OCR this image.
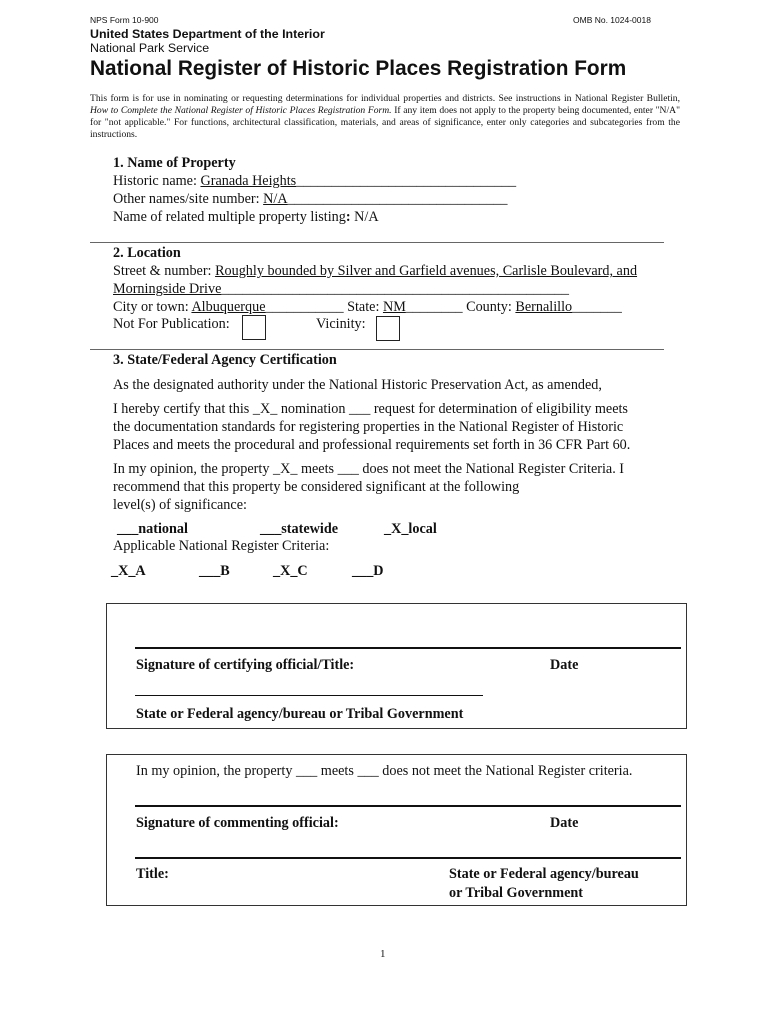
NPS Form 10-900	OMB No. 1024-0018
United States Department of the Interior
National Park Service
National Register of Historic Places Registration Form
This form is for use in nominating or requesting determinations for individual properties and districts. See instructions in National Register Bulletin, How to Complete the National Register of Historic Places Registration Form. If any item does not apply to the property being documented, enter "N/A" for "not applicable." For functions, architectural classification, materials, and areas of significance, enter only categories and subcategories from the instructions.
1. Name of Property
Historic name: Granada Heights_______________________________
Other names/site number: N/A_______________________________
Name of related multiple property listing: N/A
2. Location
Street & number: Roughly bounded by Silver and Garfield avenues, Carlisle Boulevard, and
Morningside Drive_________________________________________________
City or town: Albuquerque___________ State: NM________ County: Bernalillo_______
Not For Publication:	Vicinity:
3. State/Federal Agency Certification
As the designated authority under the National Historic Preservation Act, as amended,
I hereby certify that this _X_ nomination ___ request for determination of eligibility meets
the documentation standards for registering properties in the National Register of Historic
Places and meets the procedural and professional requirements set forth in 36 CFR Part 60.
In my opinion, the property _X_ meets ___ does not meet the National Register Criteria. I
recommend that this property be considered significant at the following
level(s) of significance:
___national	___statewide	_X_local
Applicable National Register Criteria:
_X_A	___B	_X_C	___D
Signature of certifying official/Title:	Date
State or Federal agency/bureau or Tribal Government
In my opinion, the property ___ meets ___ does not meet the National Register criteria.
Signature of commenting official:	Date
Title:	State or Federal agency/bureau
or Tribal Government
1
